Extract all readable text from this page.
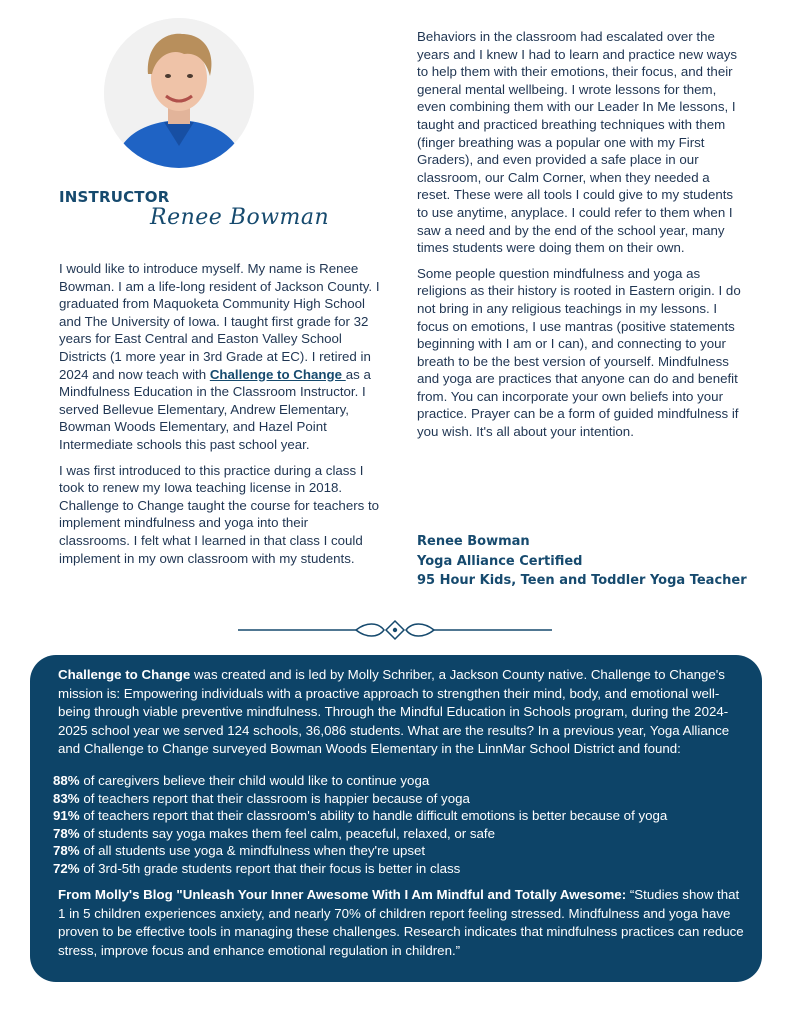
INSTRUCTOR
Renee Bowman

I would like to introduce myself. My name is Renee Bowman. I am a life-long resident of Jackson County. I graduated from Maquoketa Community High School and The University of Iowa. I taught first grade for 32 years for East Central and Easton Valley School Districts (1 more year in 3rd Grade at EC). I retired in 2024 and now teach with Challenge to Change as a Mindfulness Education in the Classroom Instructor. I served Bellevue Elementary, Andrew Elementary, Bowman Woods Elementary, and Hazel Point Intermediate schools this past school year.

I was first introduced to this practice during a class I took to renew my Iowa teaching license in 2018. Challenge to Change taught the course for teachers to implement mindfulness and yoga into their classrooms. I felt what I learned in that class I could implement in my own classroom with my students.

Behaviors in the classroom had escalated over the years and I knew I had to learn and practice new ways to help them with their emotions, their focus, and their general mental wellbeing. I wrote lessons for them, even combining them with our Leader In Me lessons, I taught and practiced breathing techniques with them (finger breathing was a popular one with my First Graders), and even provided a safe place in our classroom, our Calm Corner, when they needed a reset. These were all tools I could give to my students to use anytime, anyplace. I could refer to them when I saw a need and by the end of the school year, many times students were doing them on their own.

Some people question mindfulness and yoga as religions as their history is rooted in Eastern origin. I do not bring in any religious teachings in my lessons. I focus on emotions, I use mantras (positive statements beginning with I am or I can), and connecting to your breath to be the best version of yourself. Mindfulness and yoga are practices that anyone can do and benefit from. You can incorporate your own beliefs into your practice. Prayer can be a form of guided mindfulness if you wish. It's all about your intention.

Renee Bowman
Yoga Alliance Certified
95 Hour Kids, Teen and Toddler Yoga Teacher
Challenge to Change was created and is led by Molly Schriber, a Jackson County native. Challenge to Change's mission is: Empowering individuals with a proactive approach to strengthen their mind, body, and emotional well-being through viable preventive mindfulness. Through the Mindful Education in Schools program, during the 2024-2025 school year we served 124 schools, 36,086 students. What are the results? In a previous year, Yoga Alliance and Challenge to Change surveyed Bowman Woods Elementary in the LinnMar School District and found:
88% of caregivers believe their child would like to continue yoga
83% of teachers report that their classroom is happier because of yoga
91% of teachers report that their classroom's ability to handle difficult emotions is better because of yoga
78% of students say yoga makes them feel calm, peaceful, relaxed, or safe
78% of all students use yoga & mindfulness when they're upset
72% of 3rd-5th grade students report that their focus is better in class
From Molly's Blog "Unleash Your Inner Awesome With I Am Mindful and Totally Awesome: “Studies show that 1 in 5 children experiences anxiety, and nearly 70% of children report feeling stressed. Mindfulness and yoga have proven to be effective tools in managing these challenges. Research indicates that mindfulness practices can reduce stress, improve focus and enhance emotional regulation in children.”
